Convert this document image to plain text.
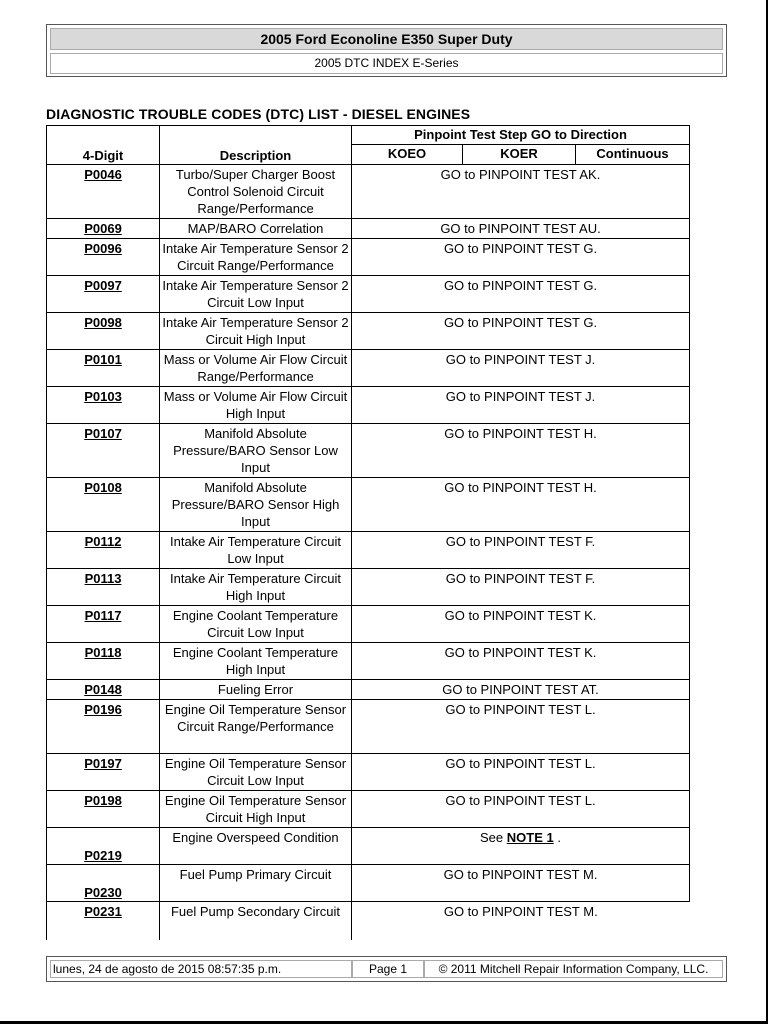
2005 Ford Econoline E350 Super Duty
2005 DTC INDEX E-Series
DIAGNOSTIC TROUBLE CODES (DTC) LIST - DIESEL ENGINES
4-Digit	Description	Pinpoint Test Step GO to Direction		
		KOEO	KOER	Continuous
P0046	Turbo/Super Charger Boost Control Solenoid Circuit Range/Performance	GO to PINPOINT TEST AK.		
P0069	MAP/BARO Correlation	GO to PINPOINT TEST AU.		
P0096	Intake Air Temperature Sensor 2 Circuit Range/Performance	GO to PINPOINT TEST G.		
P0097	Intake Air Temperature Sensor 2 Circuit Low Input	GO to PINPOINT TEST G.		
P0098	Intake Air Temperature Sensor 2 Circuit High Input	GO to PINPOINT TEST G.		
P0101	Mass or Volume Air Flow Circuit Range/Performance	GO to PINPOINT TEST J.		
P0103	Mass or Volume Air Flow Circuit High Input	GO to PINPOINT TEST J.		
P0107	Manifold Absolute Pressure/BARO Sensor Low Input	GO to PINPOINT TEST H.		
P0108	Manifold Absolute Pressure/BARO Sensor High Input	GO to PINPOINT TEST H.		
P0112	Intake Air Temperature Circuit Low Input	GO to PINPOINT TEST F.		
P0113	Intake Air Temperature Circuit High Input	GO to PINPOINT TEST F.		
P0117	Engine Coolant Temperature Circuit Low Input	GO to PINPOINT TEST K.		
P0118	Engine Coolant Temperature High Input	GO to PINPOINT TEST K.		
P0148	Fueling Error	GO to PINPOINT TEST AT.		
P0196	Engine Oil Temperature Sensor Circuit Range/Performance	GO to PINPOINT TEST L.		
P0197	Engine Oil Temperature Sensor Circuit Low Input	GO to PINPOINT TEST L.		
P0198	Engine Oil Temperature Sensor Circuit High Input	GO to PINPOINT TEST L.		
P0219	Engine Overspeed Condition	See NOTE 1 .		
P0230	Fuel Pump Primary Circuit	GO to PINPOINT TEST M.		
P0231	Fuel Pump Secondary Circuit	GO to PINPOINT TEST M.		
lunes, 24 de agosto de 2015 08:57:35 p.m.	Page 1	© 2011 Mitchell Repair Information Company, LLC.
